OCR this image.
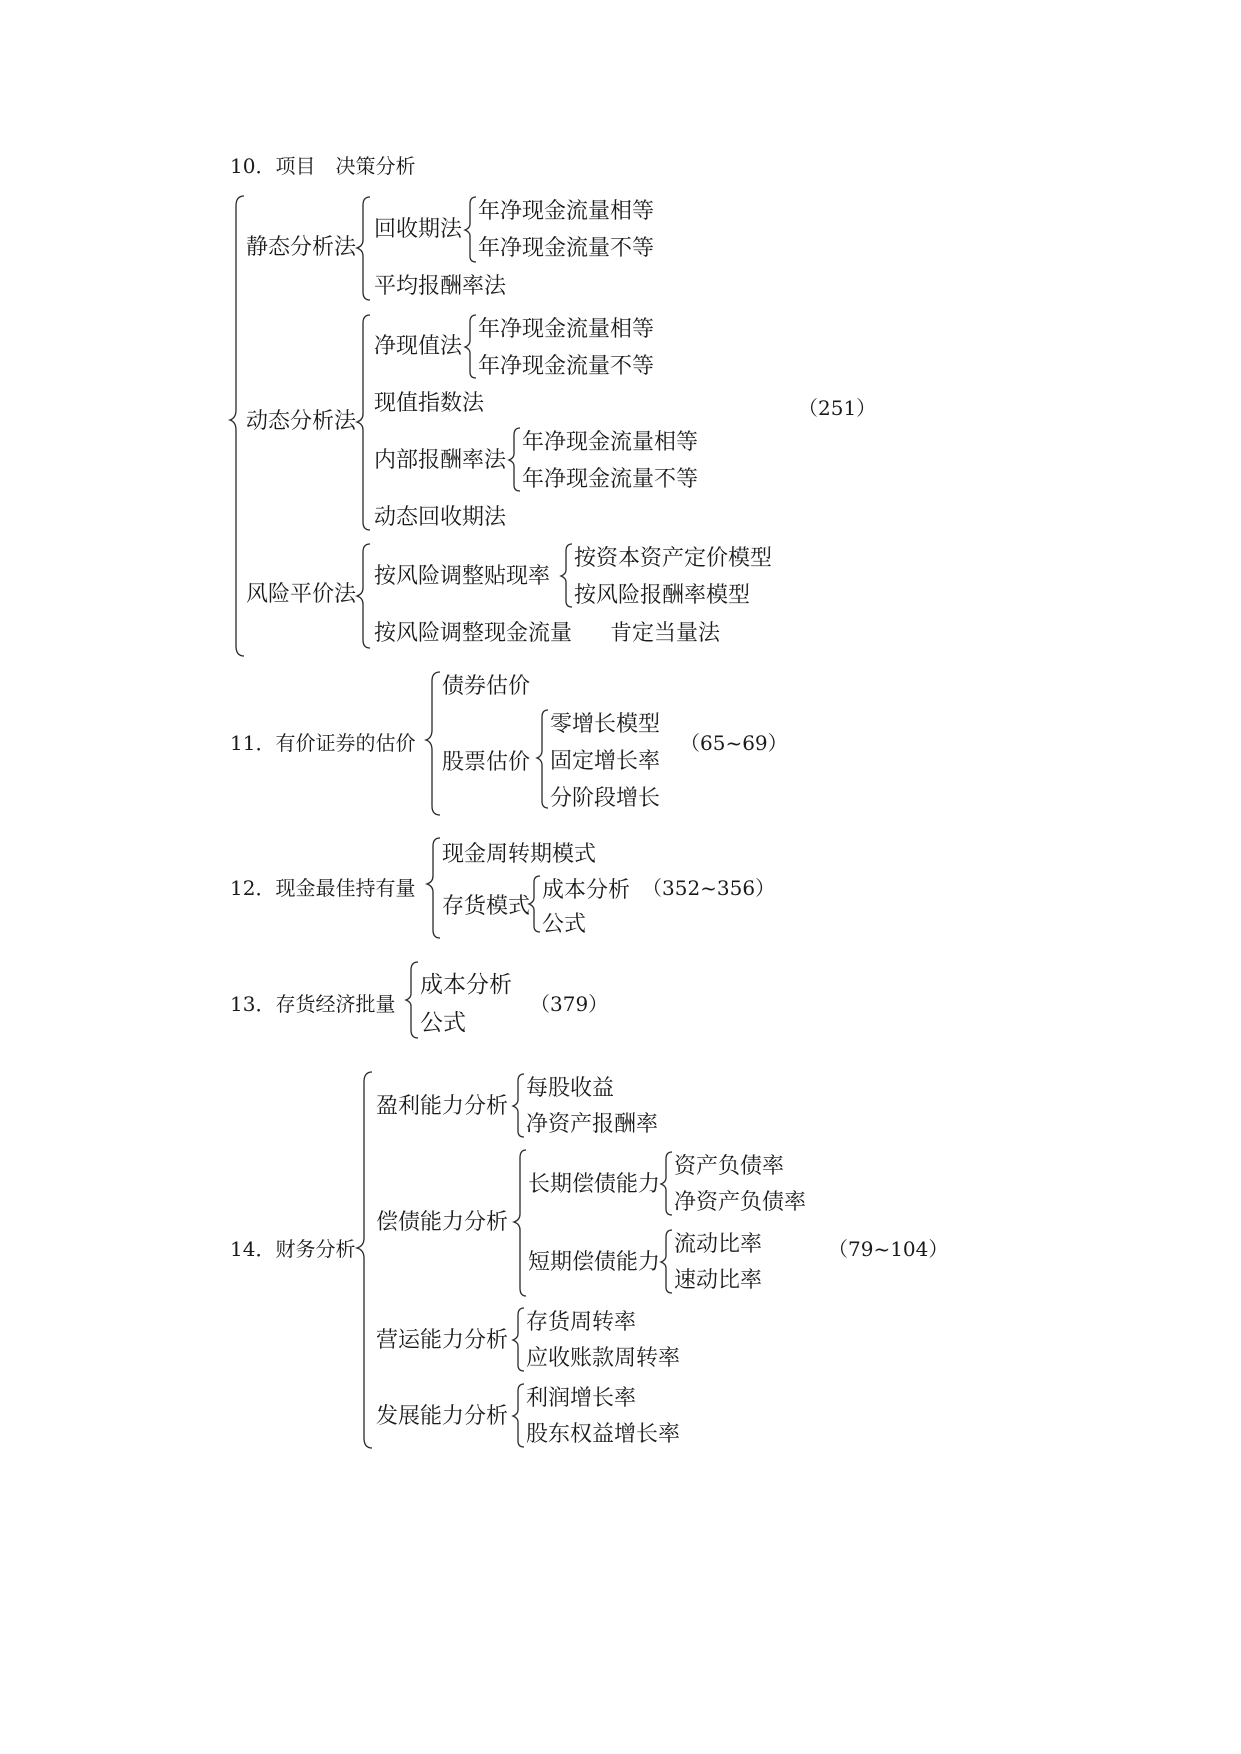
10．项目　决策分析
静态分析法
回收期法
年净现金流量相等
年净现金流量不等
平均报酬率法
动态分析法
净现值法
年净现金流量相等
年净现金流量不等
现值指数法
内部报酬率法
年净现金流量相等
年净现金流量不等
动态回收期法
风险平价法
按风险调整贴现率
按资本资产定价模型
按风险报酬率模型
按风险调整现金流量 肯定当量法
（251）
11．有价证券的估价
债券估价
股票估价
零增长模型
固定增长率
分阶段增长
（65~69）
12．现金最佳持有量
现金周转期模式
存货模式
成本分析
公式
（352~356）
13．存货经济批量
成本分析
公式
（379）
14．财务分析
盈利能力分析
每股收益
净资产报酬率
偿债能力分析
长期偿债能力
资产负债率
净资产负债率
短期偿债能力
流动比率
速动比率
营运能力分析
存货周转率
应收账款周转率
发展能力分析
利润增长率
股东权益增长率
（79~104）
